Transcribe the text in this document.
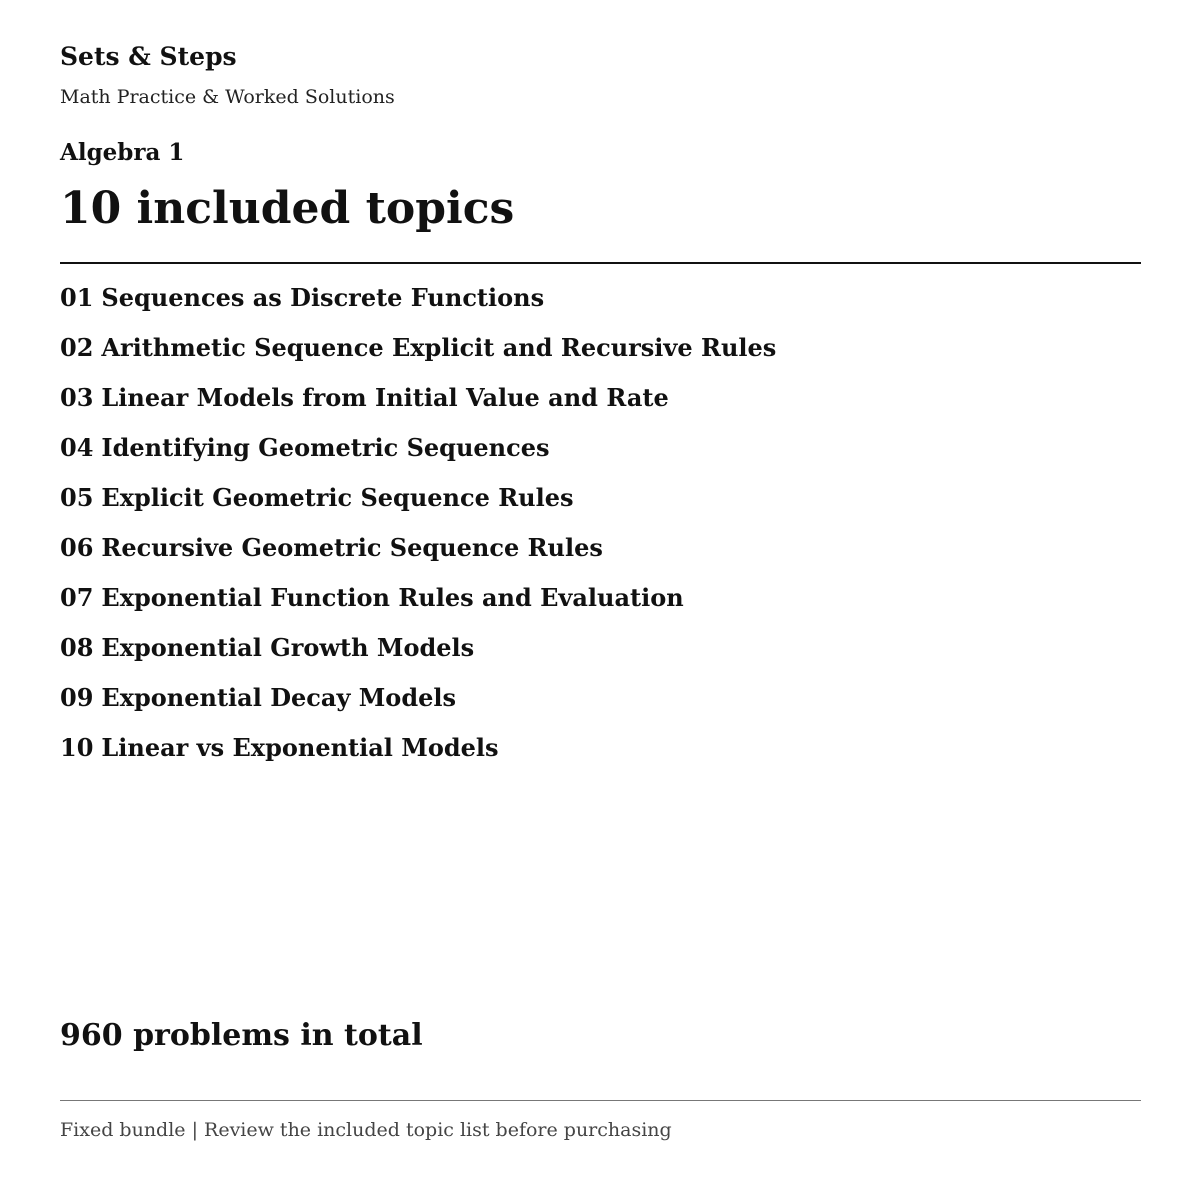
Sets & Steps
Math Practice & Worked Solutions
Algebra 1
10 included topics
01 Sequences as Discrete Functions
02 Arithmetic Sequence Explicit and Recursive Rules
03 Linear Models from Initial Value and Rate
04 Identifying Geometric Sequences
05 Explicit Geometric Sequence Rules
06 Recursive Geometric Sequence Rules
07 Exponential Function Rules and Evaluation
08 Exponential Growth Models
09 Exponential Decay Models
10 Linear vs Exponential Models
960 problems in total
Fixed bundle | Review the included topic list before purchasing
